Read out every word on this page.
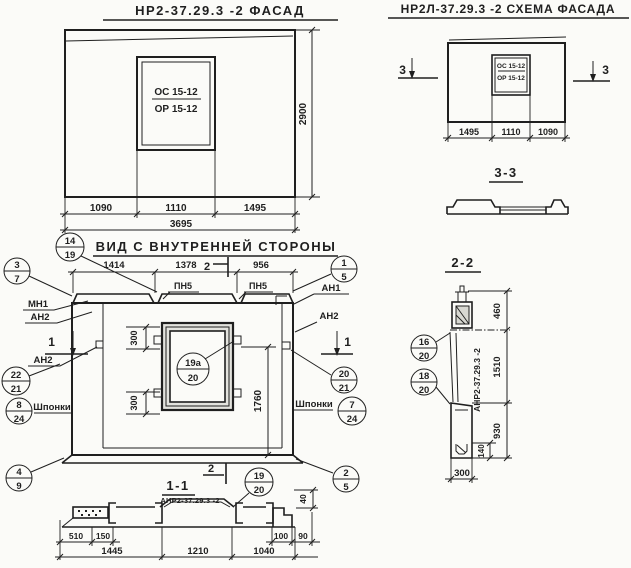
НР2-37.29.3 -2 ФАСАД
ОС 15-12
ОР 15-12
1090	1110	1495
3695
2900
НР2Л-37.29.3 -2 СХЕМА ФАСАДА
3	3
ОС 15-12
ОР 15-12
1495 1110 1090
3-3
14
19
ВИД С ВНУТРЕННЕЙ СТОРОНЫ
1414	1378	956
2
ПН5	ПН5
19а
20
300
300	1760
1	1
МН1
АН2
АН2
3
7
22
21
8
24
Шпонки
4
9
Шпонки 7
24
20
21
АН2
АН1
1
5
2
5
19
20
2
40
1-1
АНР2-37.29.3 -2
510 150	100 90
1445	1210	1040
2-2
АНР2-37.29.3 -2
460
1510
930
140
300
16
20
18
20
